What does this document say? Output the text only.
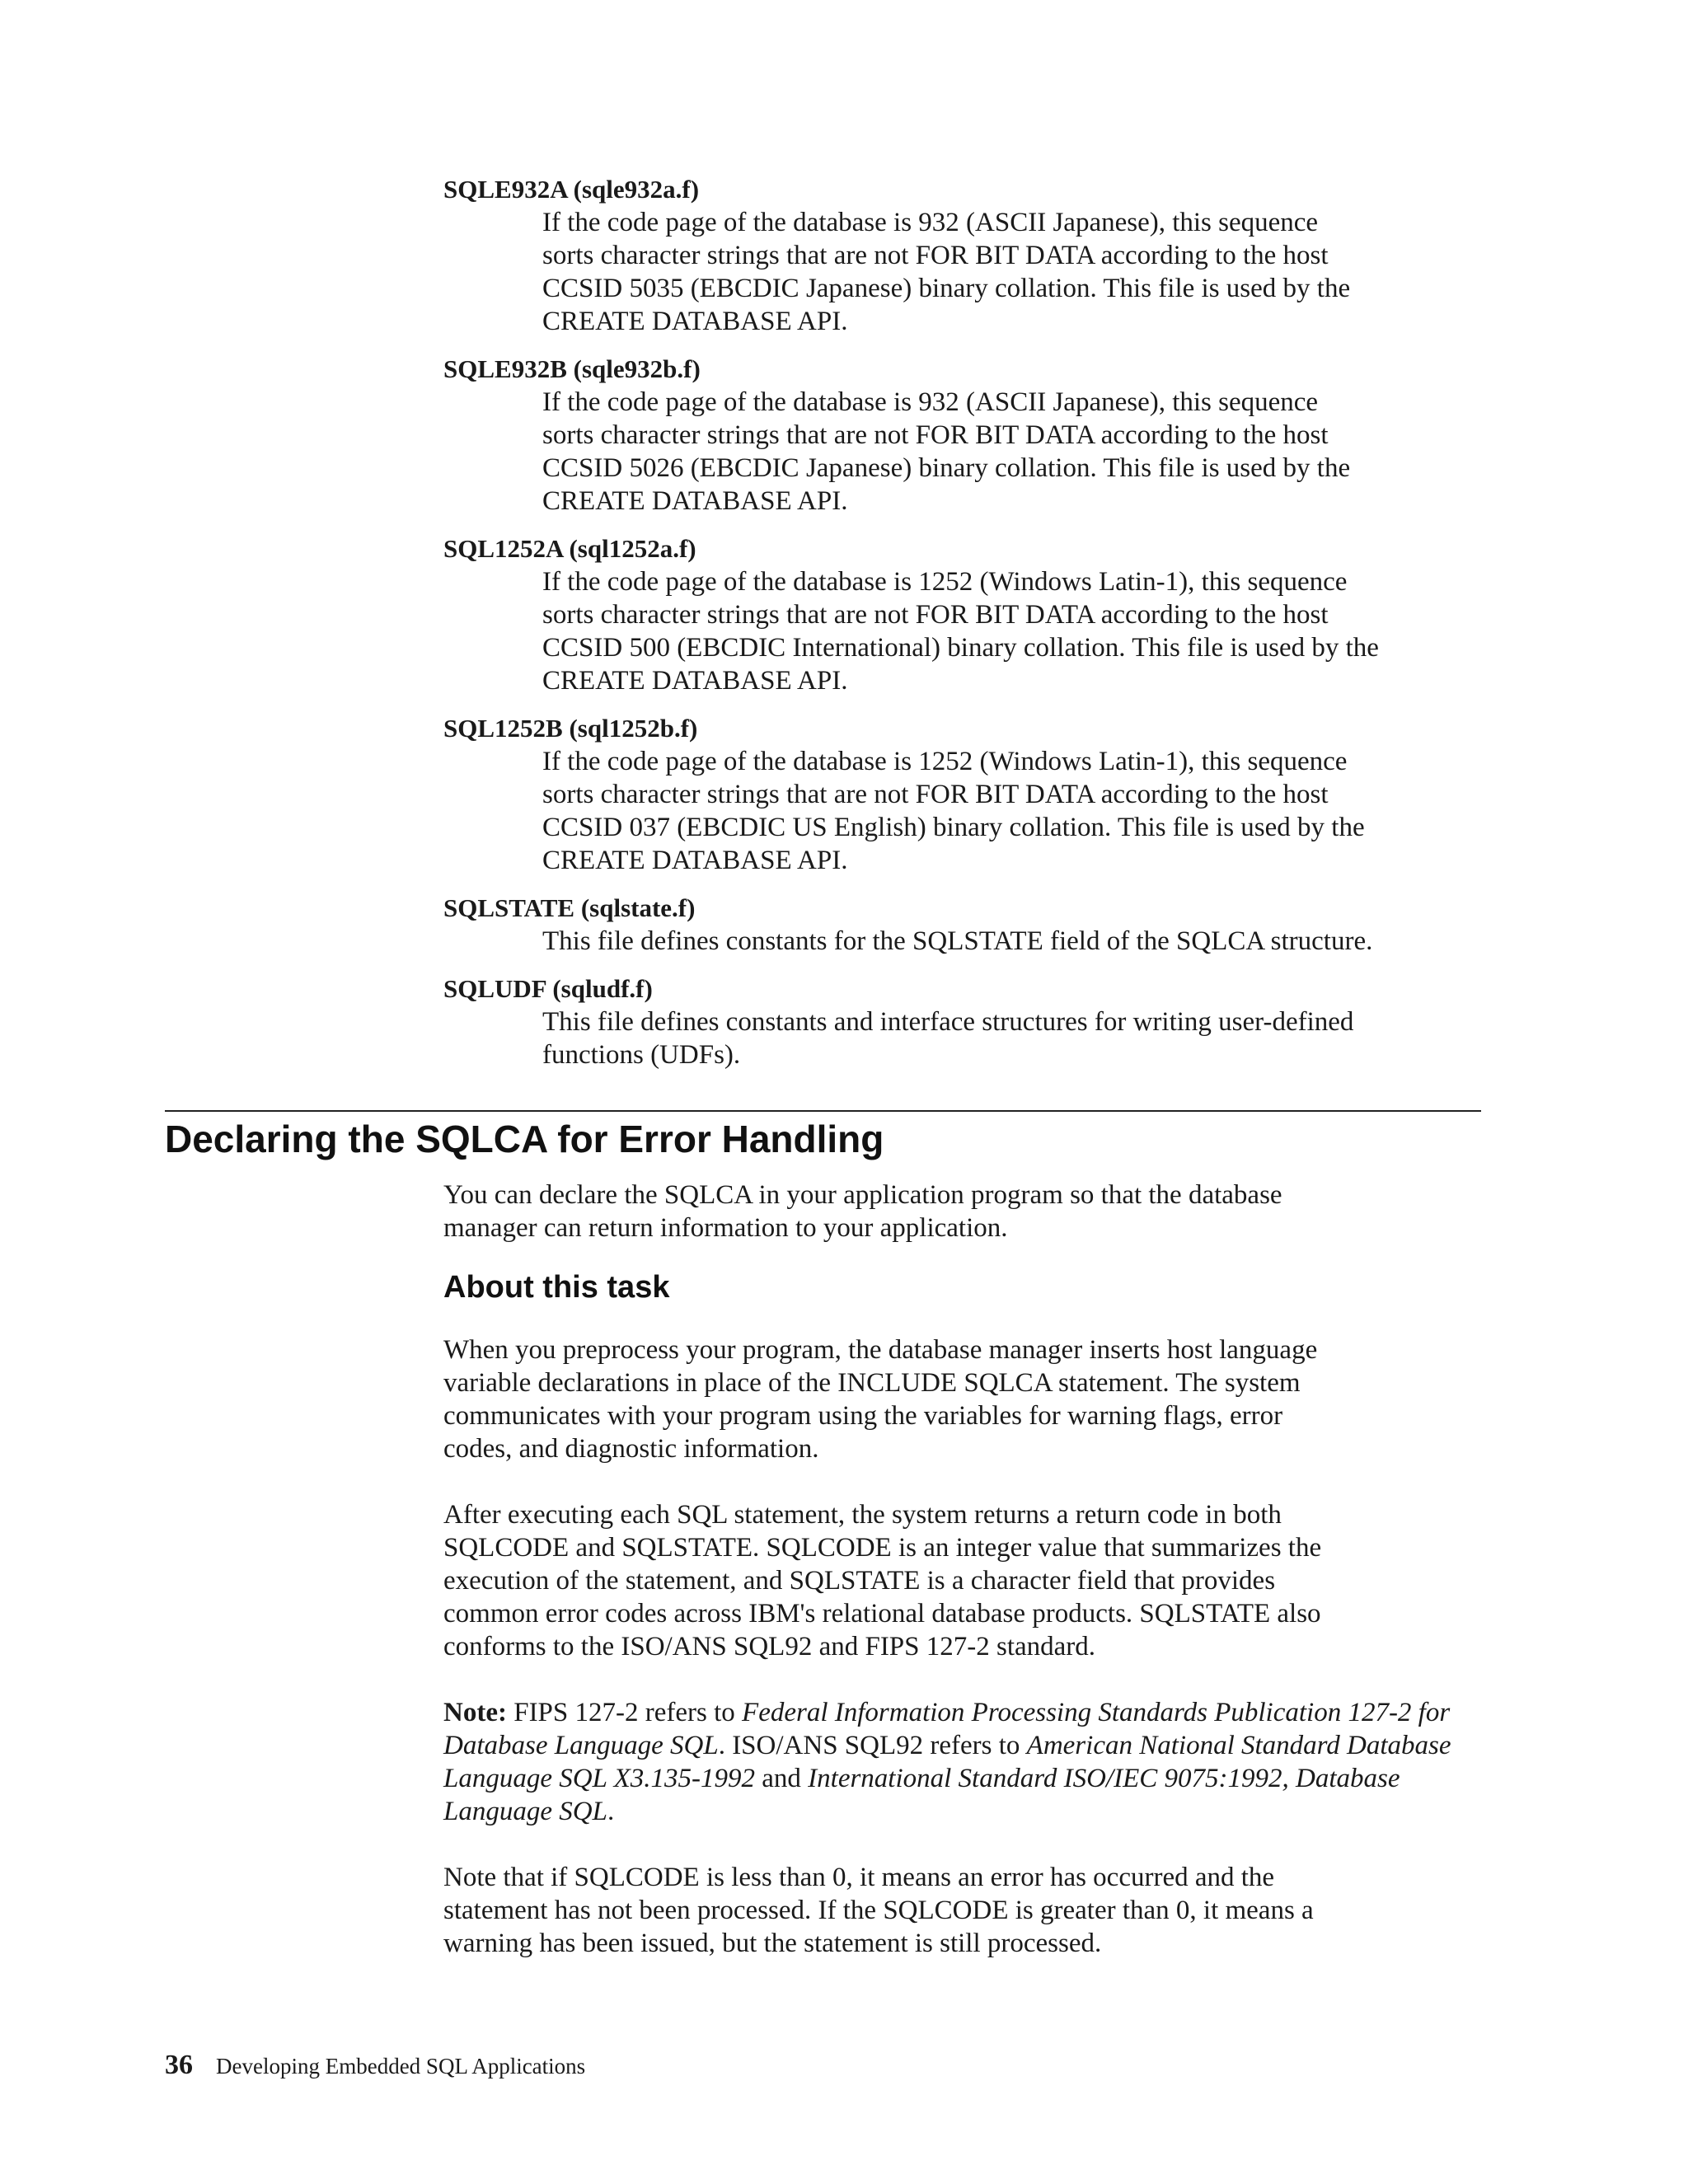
SQLE932A (sqle932a.f)
If the code page of the database is 932 (ASCII Japanese), this sequence
sorts character strings that are not FOR BIT DATA according to the host
CCSID 5035 (EBCDIC Japanese) binary collation. This file is used by the
CREATE DATABASE API.
SQLE932B (sqle932b.f)
If the code page of the database is 932 (ASCII Japanese), this sequence
sorts character strings that are not FOR BIT DATA according to the host
CCSID 5026 (EBCDIC Japanese) binary collation. This file is used by the
CREATE DATABASE API.
SQL1252A (sql1252a.f)
If the code page of the database is 1252 (Windows Latin-1), this sequence
sorts character strings that are not FOR BIT DATA according to the host
CCSID 500 (EBCDIC International) binary collation. This file is used by the
CREATE DATABASE API.
SQL1252B (sql1252b.f)
If the code page of the database is 1252 (Windows Latin-1), this sequence
sorts character strings that are not FOR BIT DATA according to the host
CCSID 037 (EBCDIC US English) binary collation. This file is used by the
CREATE DATABASE API.
SQLSTATE (sqlstate.f)
This file defines constants for the SQLSTATE field of the SQLCA structure.
SQLUDF (sqludf.f)
This file defines constants and interface structures for writing user-defined
functions (UDFs).
Declaring the SQLCA for Error Handling
You can declare the SQLCA in your application program so that the database
manager can return information to your application.
About this task
When you preprocess your program, the database manager inserts host language
variable declarations in place of the INCLUDE SQLCA statement. The system
communicates with your program using the variables for warning flags, error
codes, and diagnostic information.
After executing each SQL statement, the system returns a return code in both
SQLCODE and SQLSTATE. SQLCODE is an integer value that summarizes the
execution of the statement, and SQLSTATE is a character field that provides
common error codes across IBM's relational database products. SQLSTATE also
conforms to the ISO/ANS SQL92 and FIPS 127-2 standard.
Note: FIPS 127-2 refers to Federal Information Processing Standards Publication 127-2 for Database Language SQL. ISO/ANS SQL92 refers to American National Standard Database Language SQL X3.135-1992 and International Standard ISO/IEC 9075:1992, Database Language SQL.
Note that if SQLCODE is less than 0, it means an error has occurred and the
statement has not been processed. If the SQLCODE is greater than 0, it means a
warning has been issued, but the statement is still processed.
36 Developing Embedded SQL Applications
